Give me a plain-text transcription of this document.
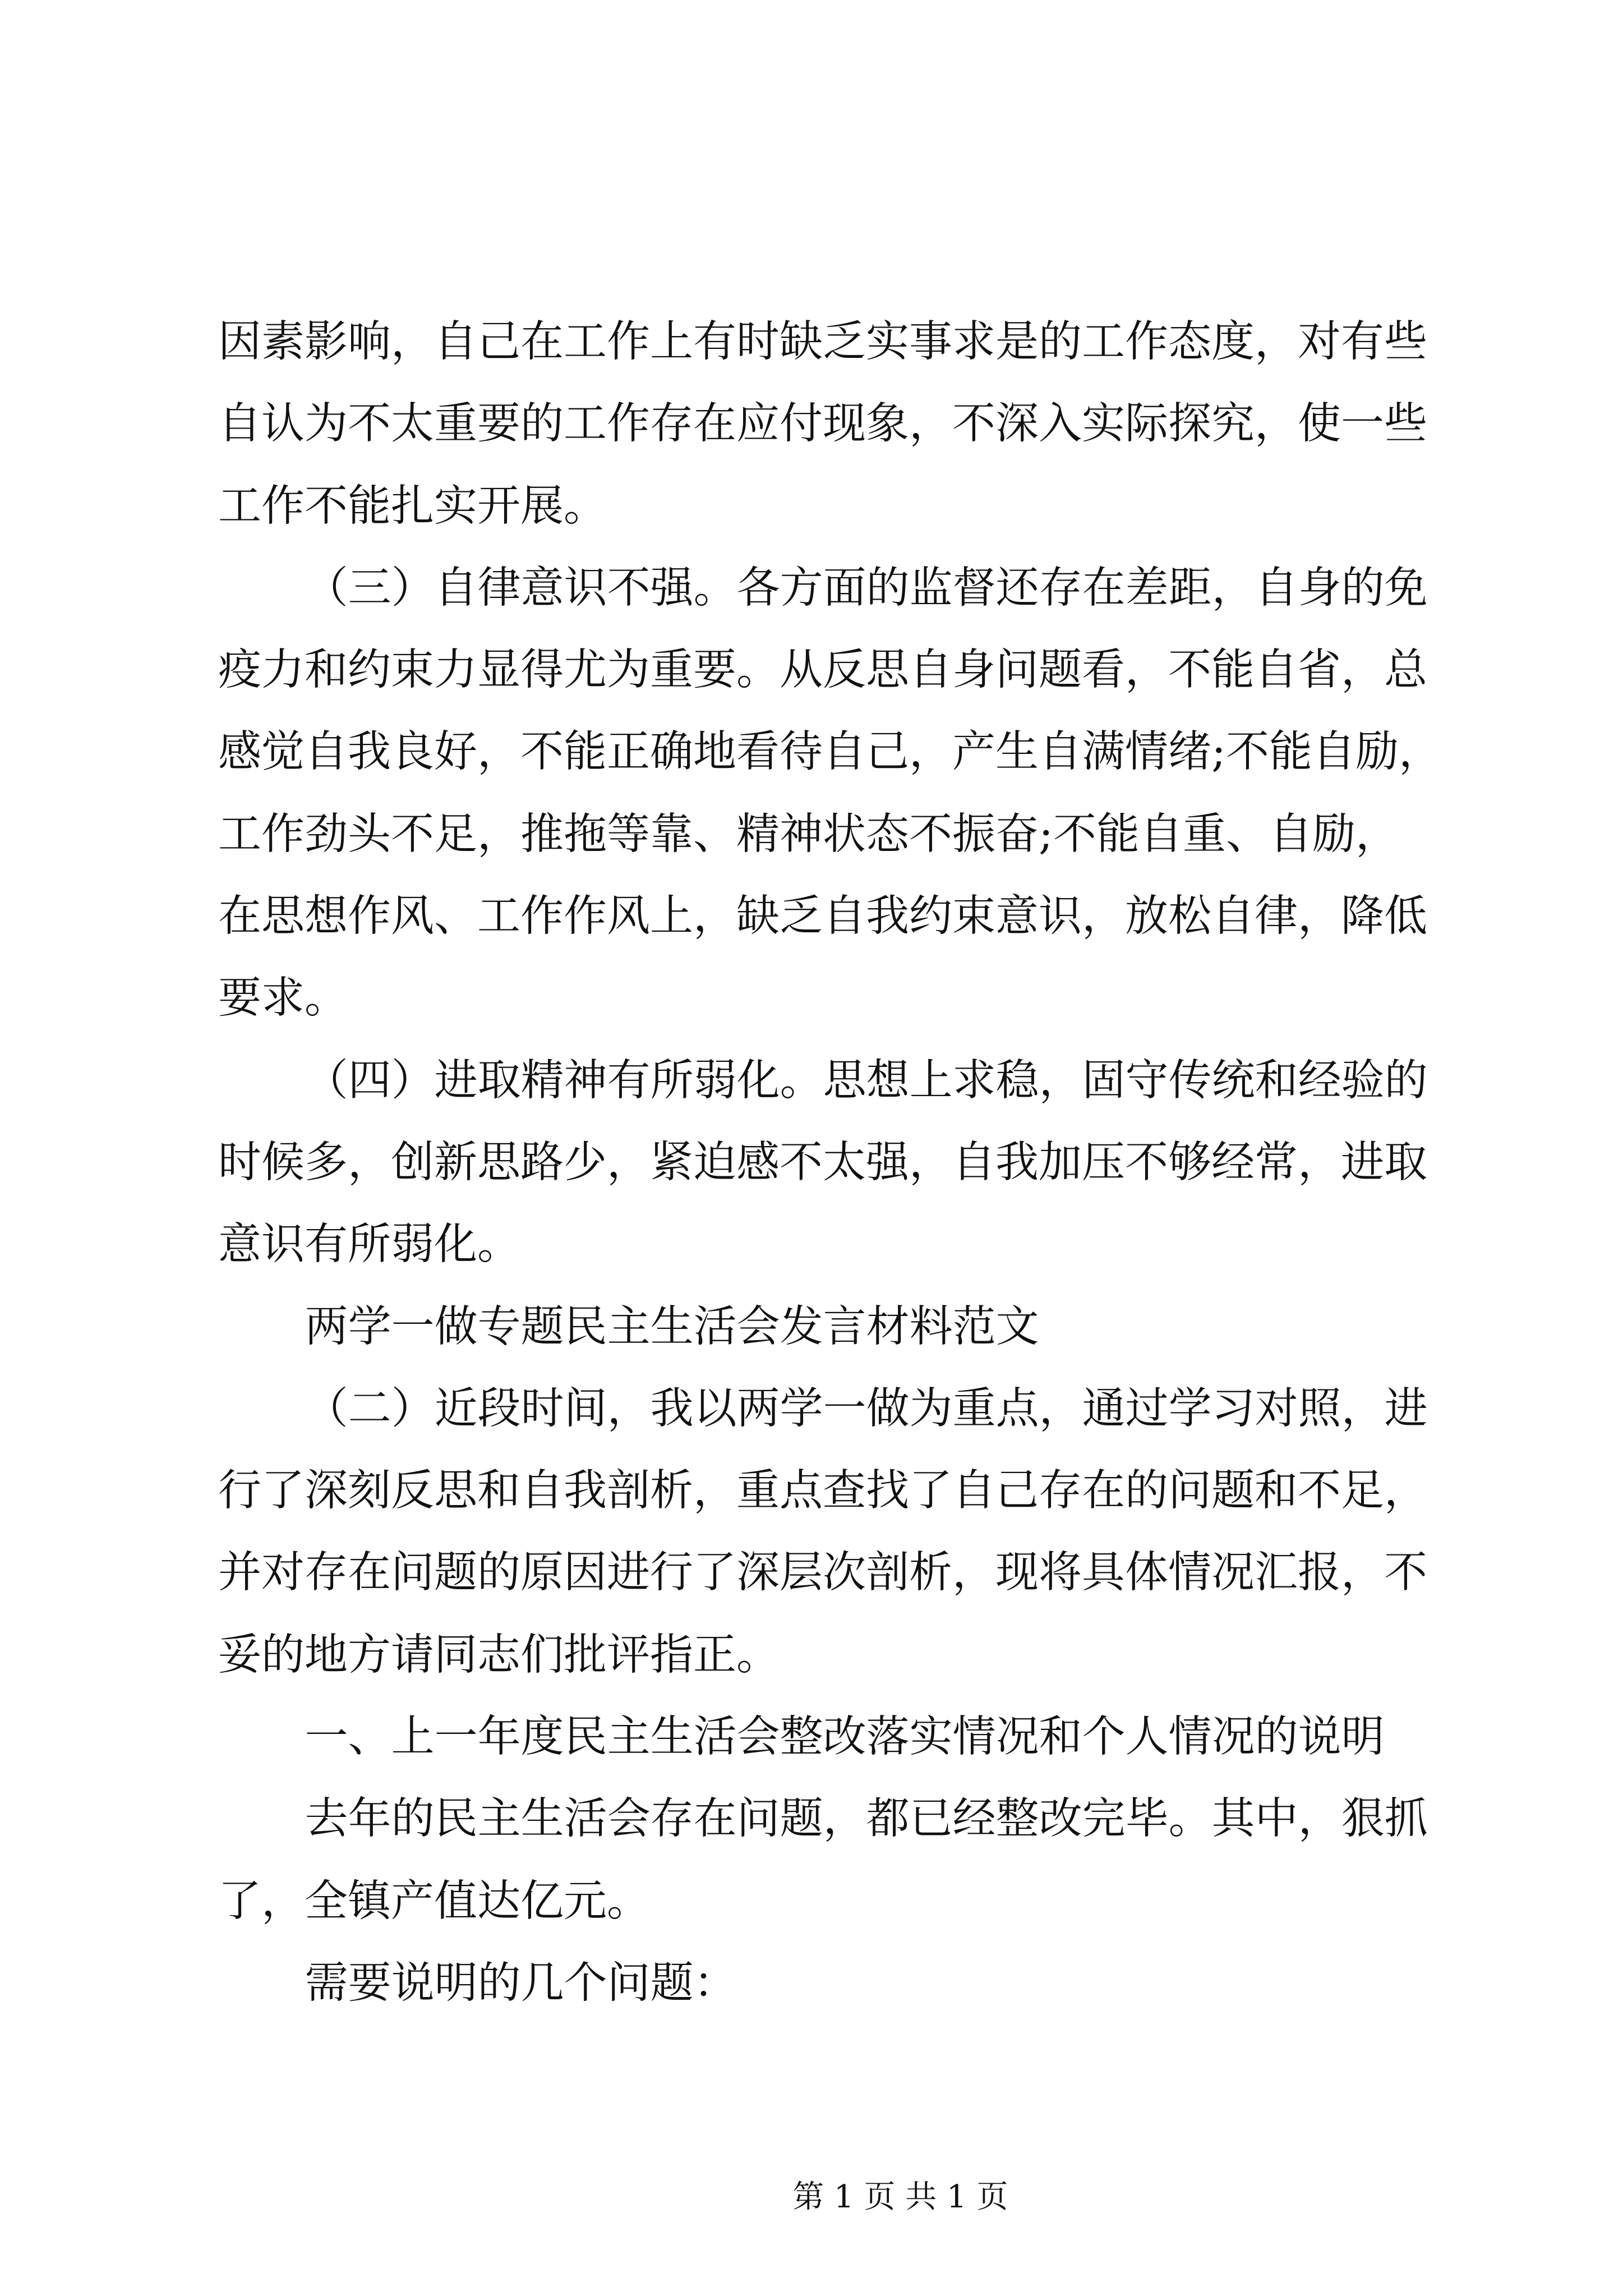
因素影响，自己在工作上有时缺乏实事求是的工作态度，对有些
自认为不太重要的工作存在应付现象，不深入实际探究，使一些
工作不能扎实开展。
（三）自律意识不强。各方面的监督还存在差距，自身的免
疫力和约束力显得尤为重要。从反思自身问题看，不能自省，总
感觉自我良好，不能正确地看待自己，产生自满情绪;不能自励，
工作劲头不足，推拖等靠、精神状态不振奋;不能自重、自励，
在思想作风、工作作风上，缺乏自我约束意识，放松自律，降低
要求。
（四）进取精神有所弱化。思想上求稳，固守传统和经验的
时候多，创新思路少，紧迫感不太强，自我加压不够经常，进取
意识有所弱化。
两学一做专题民主生活会发言材料范文
（二）近段时间，我以两学一做为重点，通过学习对照，进
行了深刻反思和自我剖析，重点查找了自己存在的问题和不足，
并对存在问题的原因进行了深层次剖析，现将具体情况汇报，不
妥的地方请同志们批评指正。
一、上一年度民主生活会整改落实情况和个人情况的说明
去年的民主生活会存在问题，都已经整改完毕。其中，狠抓
了，全镇产值达亿元。
需要说明的几个问题：

第 1 页 共 1 页
